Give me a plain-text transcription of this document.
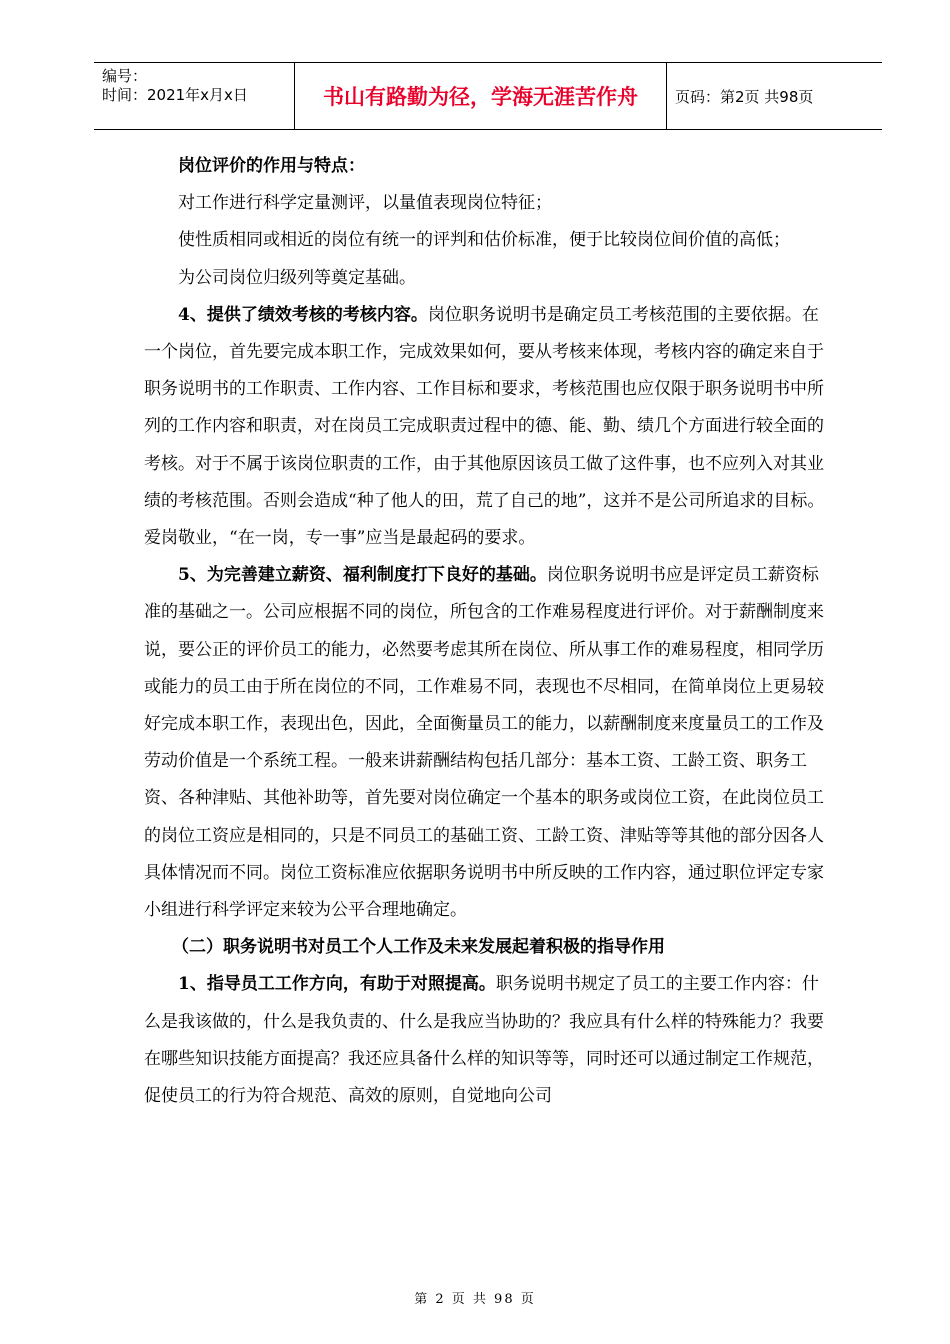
编号：
时间：2021年x月x日	书山有路勤为径，学海无涯苦作舟	页码：第2页 共98页

岗位评价的作用与特点：

对工作进行科学定量测评，以量值表现岗位特征；

使性质相同或相近的岗位有统一的评判和估价标准，便于比较岗位间价值的高低；

为公司岗位归级列等奠定基础。

4、提供了绩效考核的考核内容。岗位职务说明书是确定员工考核范围的主要依据。在一个岗位，首先要完成本职工作，完成效果如何，要从考核来体现，考核内容的确定来自于职务说明书的工作职责、工作内容、工作目标和要求，考核范围也应仅限于职务说明书中所列的工作内容和职责，对在岗员工完成职责过程中的德、能、勤、绩几个方面进行较全面的考核。对于不属于该岗位职责的工作，由于其他原因该员工做了这件事，也不应列入对其业绩的考核范围。否则会造成“种了他人的田，荒了自己的地”，这并不是公司所追求的目标。爱岗敬业，“在一岗，专一事”应当是最起码的要求。

5、为完善建立薪资、福利制度打下良好的基础。岗位职务说明书应是评定员工薪资标准的基础之一。公司应根据不同的岗位，所包含的工作难易程度进行评价。对于薪酬制度来说，要公正的评价员工的能力，必然要考虑其所在岗位、所从事工作的难易程度，相同学历或能力的员工由于所在岗位的不同，工作难易不同，表现也不尽相同，在简单岗位上更易较好完成本职工作，表现出色，因此，全面衡量员工的能力，以薪酬制度来度量员工的工作及劳动价值是一个系统工程。一般来讲薪酬结构包括几部分：基本工资、工龄工资、职务工资、各种津贴、其他补助等，首先要对岗位确定一个基本的职务或岗位工资，在此岗位员工的岗位工资应是相同的，只是不同员工的基础工资、工龄工资、津贴等等其他的部分因各人具体情况而不同。岗位工资标准应依据职务说明书中所反映的工作内容，通过职位评定专家小组进行科学评定来较为公平合理地确定。

（二）职务说明书对员工个人工作及未来发展起着积极的指导作用

1、指导员工工作方向，有助于对照提高。职务说明书规定了员工的主要工作内容：什么是我该做的，什么是我负责的、什么是我应当协助的？我应具有什么样的特殊能力？我要在哪些知识技能方面提高？我还应具备什么样的知识等等，同时还可以通过制定工作规范，促使员工的行为符合规范、高效的原则，自觉地向公司

第 2 页 共 98 页
